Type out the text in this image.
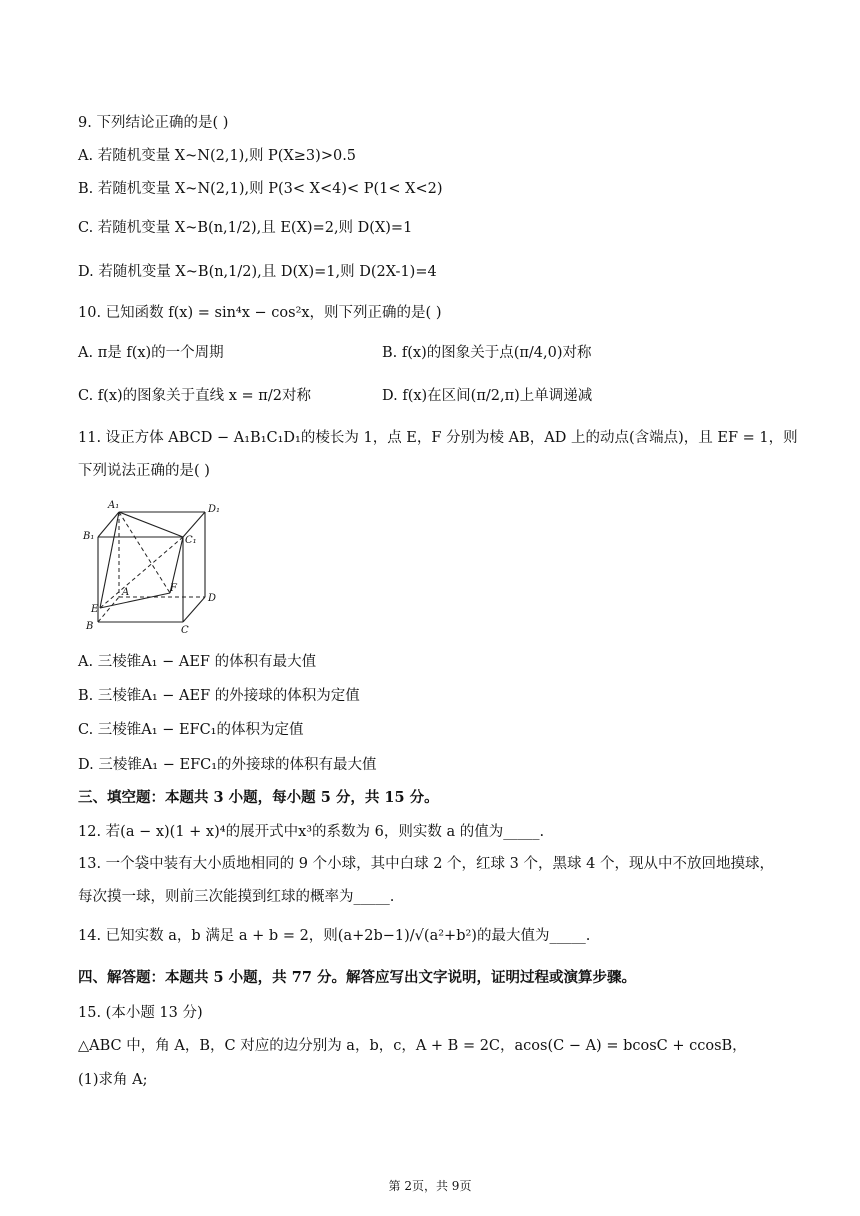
9. 下列结论正确的是( )
A. 若随机变量 X~N(2,1),则 P(X≥3)>0.5
B. 若随机变量 X~N(2,1),则 P(3< X<4)< P(1< X<2)
C. 若随机变量 X~B(n,1/2),且 E(X)=2,则 D(X)=1
D. 若随机变量 X~B(n,1/2),且 D(X)=1,则 D(2X-1)=4
10. 已知函数 f(x) = sin⁴x − cos²x，则下列正确的是( )
A. π是 f(x)的一个周期	B. f(x)的图象关于点(π/4,0)对称
C. f(x)的图象关于直线 x = π/2对称	D. f(x)在区间(π/2,π)上单调递减
11. 设正方体 ABCD − A₁B₁C₁D₁的棱长为 1，点 E，F 分别为棱 AB，AD 上的动点(含端点)，且 EF = 1，则
下列说法正确的是( )
A₁	D₁
B₁	C₁
A	F
D
E
B	C
A. 三棱锥A₁ − AEF 的体积有最大值
B. 三棱锥A₁ − AEF 的外接球的体积为定值
C. 三棱锥A₁ − EFC₁的体积为定值
D. 三棱锥A₁ − EFC₁的外接球的体积有最大值
三、填空题：本题共 3 小题，每小题 5 分，共 15 分。
12. 若(a − x)(1 + x)⁴的展开式中x³的系数为 6，则实数 a 的值为_____.
13. 一个袋中装有大小质地相同的 9 个小球，其中白球 2 个，红球 3 个，黑球 4 个，现从中不放回地摸球，
每次摸一球，则前三次能摸到红球的概率为_____.
14. 已知实数 a，b 满足 a + b = 2，则(a+2b−1)/√(a²+b²)的最大值为_____.
四、解答题：本题共 5 小题，共 77 分。解答应写出文字说明，证明过程或演算步骤。
15. (本小题 13 分)
△ABC 中，角 A，B，C 对应的边分别为 a，b，c，A + B = 2C，acos(C − A) = bcosC + ccosB，
(1)求角 A;
第 2页，共 9页
